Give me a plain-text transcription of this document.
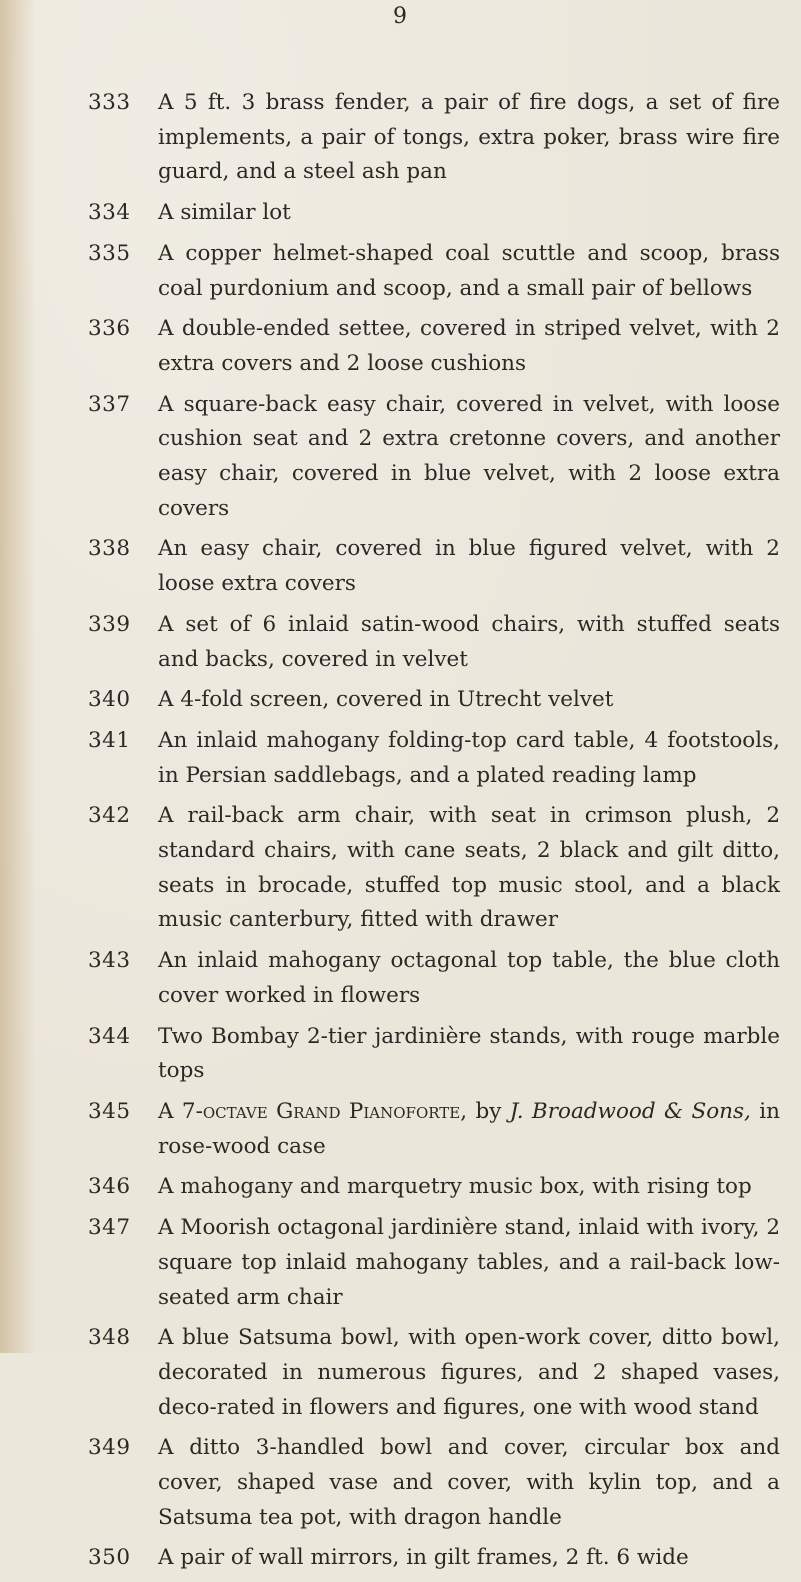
9
333	A 5 ft. 3 brass fender, a pair of fire dogs, a set of fire implements, a pair of tongs, extra poker, brass wire fire guard, and a steel ash pan
334	A similar lot
335	A copper helmet-shaped coal scuttle and scoop, brass coal purdonium and scoop, and a small pair of bellows
336	A double-ended settee, covered in striped velvet, with 2 extra covers and 2 loose cushions
337	A square-back easy chair, covered in velvet, with loose cushion seat and 2 extra cretonne covers, and another easy chair, covered in blue velvet, with 2 loose extra covers
338	An easy chair, covered in blue figured velvet, with 2 loose extra covers
339	A set of 6 inlaid satin-wood chairs, with stuffed seats and backs, covered in velvet
340	A 4-fold screen, covered in Utrecht velvet
341	An inlaid mahogany folding-top card table, 4 footstools, in Persian saddlebags, and a plated reading lamp
342	A rail-back arm chair, with seat in crimson plush, 2 standard chairs, with cane seats, 2 black and gilt ditto, seats in brocade, stuffed top music stool, and a black music canterbury, fitted with drawer
343	An inlaid mahogany octagonal top table, the blue cloth cover worked in flowers
344	Two Bombay 2-tier jardinière stands, with rouge marble tops
345	A 7-octave Grand Pianoforte, by J. Broadwood & Sons, in rose-wood case
346	A mahogany and marquetry music box, with rising top
347	A Moorish octagonal jardinière stand, inlaid with ivory, 2 square top inlaid mahogany tables, and a rail-back low-seated arm chair
348	A blue Satsuma bowl, with open-work cover, ditto bowl, decorated in numerous figures, and 2 shaped vases, deco-rated in flowers and figures, one with wood stand
349	A ditto 3-handled bowl and cover, circular box and cover, shaped vase and cover, with kylin top, and a Satsuma tea pot, with dragon handle
350	A pair of wall mirrors, in gilt frames, 2 ft. 6 wide
